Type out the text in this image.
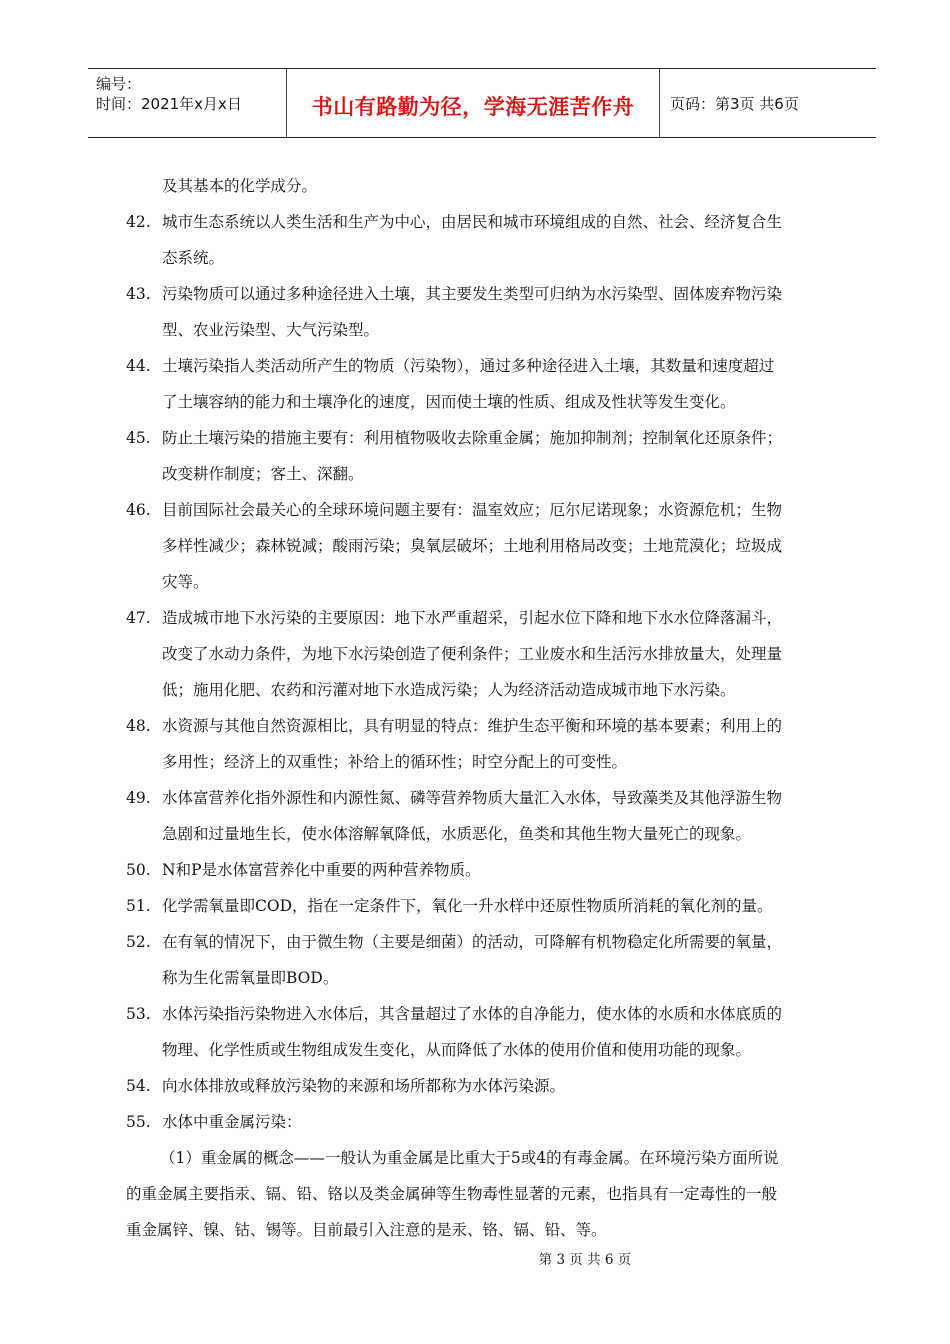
编号：
时间：2021年x月x日	书山有路勤为径，学海无涯苦作舟	页码：第3页 共6页
及其基本的化学成分。
42. 城市生态系统以人类生活和生产为中心，由居民和城市环境组成的自然、社会、经济复合生
态系统。
43. 污染物质可以通过多种途径进入土壤，其主要发生类型可归纳为水污染型、固体废弃物污染
型、农业污染型、大气污染型。
44. 土壤污染指人类活动所产生的物质（污染物），通过多种途径进入土壤，其数量和速度超过
了土壤容纳的能力和土壤净化的速度，因而使土壤的性质、组成及性状等发生变化。
45. 防止土壤污染的措施主要有：利用植物吸收去除重金属；施加抑制剂；控制氧化还原条件；
改变耕作制度；客土、深翻。
46. 目前国际社会最关心的全球环境问题主要有：温室效应；厄尔尼诺现象；水资源危机；生物
多样性减少；森林锐减；酸雨污染；臭氧层破坏；土地利用格局改变；土地荒漠化；垃圾成
灾等。
47. 造成城市地下水污染的主要原因：地下水严重超采，引起水位下降和地下水水位降落漏斗，
改变了水动力条件，为地下水污染创造了便利条件；工业废水和生活污水排放量大，处理量
低；施用化肥、农药和污灌对地下水造成污染；人为经济活动造成城市地下水污染。
48. 水资源与其他自然资源相比，具有明显的特点：维护生态平衡和环境的基本要素；利用上的
多用性；经济上的双重性；补给上的循环性；时空分配上的可变性。
49. 水体富营养化指外源性和内源性氮、磷等营养物质大量汇入水体，导致藻类及其他浮游生物
急剧和过量地生长，使水体溶解氧降低，水质恶化，鱼类和其他生物大量死亡的现象。
50. N和P是水体富营养化中重要的两种营养物质。
51. 化学需氧量即COD，指在一定条件下，氧化一升水样中还原性物质所消耗的氧化剂的量。
52. 在有氧的情况下，由于微生物（主要是细菌）的活动，可降解有机物稳定化所需要的氧量，
称为生化需氧量即BOD。
53. 水体污染指污染物进入水体后，其含量超过了水体的自净能力，使水体的水质和水体底质的
物理、化学性质或生物组成发生变化，从而降低了水体的使用价值和使用功能的现象。
54. 向水体排放或释放污染物的来源和场所都称为水体污染源。
55. 水体中重金属污染：
（1）重金属的概念——一般认为重金属是比重大于5或4的有毒金属。在环境污染方面所说
的重金属主要指汞、镉、铅、铬以及类金属砷等生物毒性显著的元素，也指具有一定毒性的一般
重金属锌、镍、钴、锡等。目前最引入注意的是汞、铬、镉、铅、等。
第 3 页 共 6 页
